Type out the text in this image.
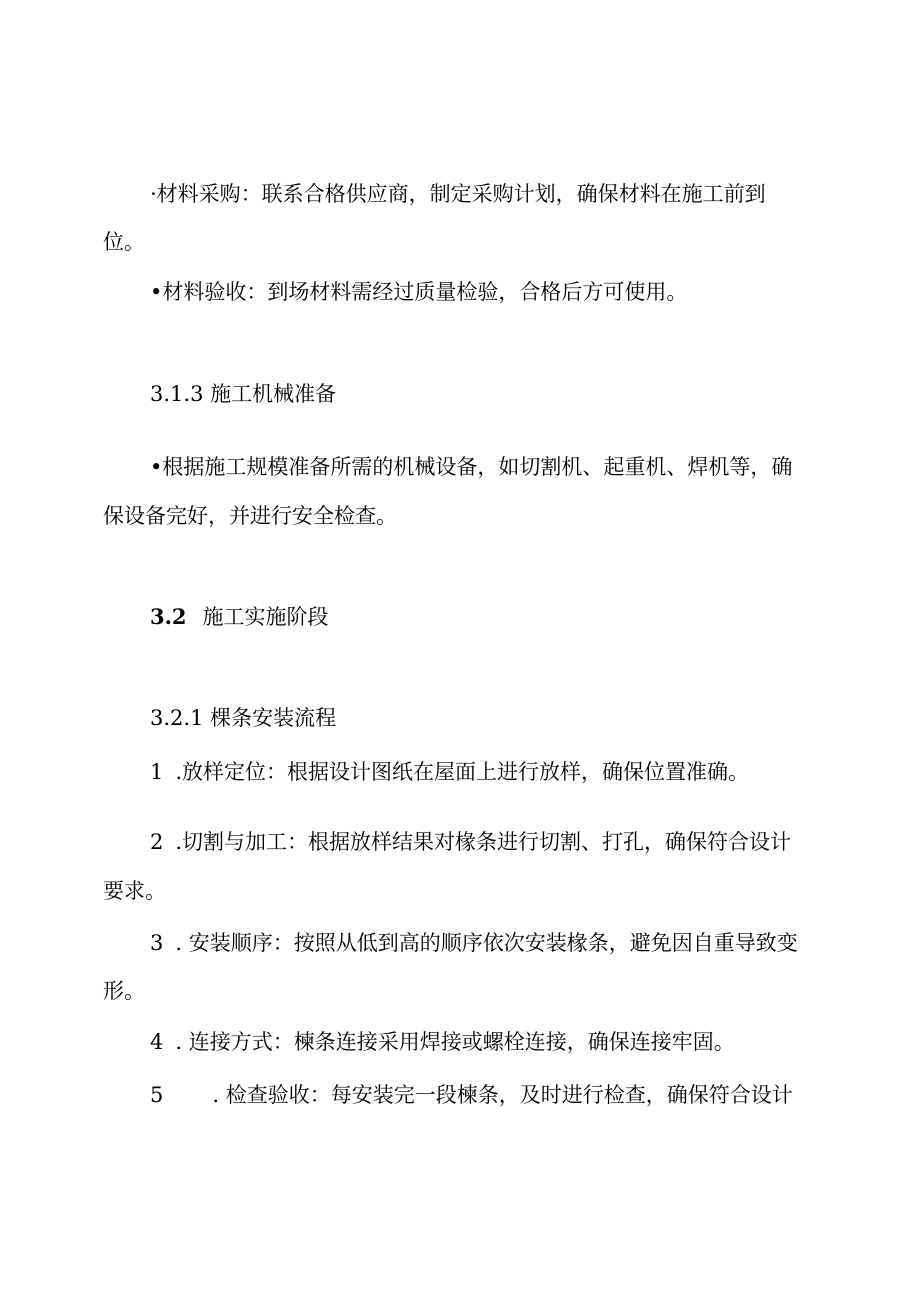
·材料采购：联系合格供应商，制定采购计划，确保材料在施工前到
位。
•材料验收：到场材料需经过质量检验，合格后方可使用。
3.1.3 施工机械准备
•根据施工规模准备所需的机械设备，如切割机、起重机、焊机等，确
保设备完好，并进行安全检查。
3.2 施工实施阶段
3.2.1 棵条安装流程
1 .放样定位：根据设计图纸在屋面上进行放样，确保位置准确。
2 .切割与加工：根据放样结果对椽条进行切割、打孔，确保符合设计
要求。
3 . 安装顺序：按照从低到高的顺序依次安装椽条，避免因自重导致变
形。
4 . 连接方式：楝条连接采用焊接或螺栓连接，确保连接牢固。
5 . 检查验收：每安装完一段楝条，及时进行检查，确保符合设计
